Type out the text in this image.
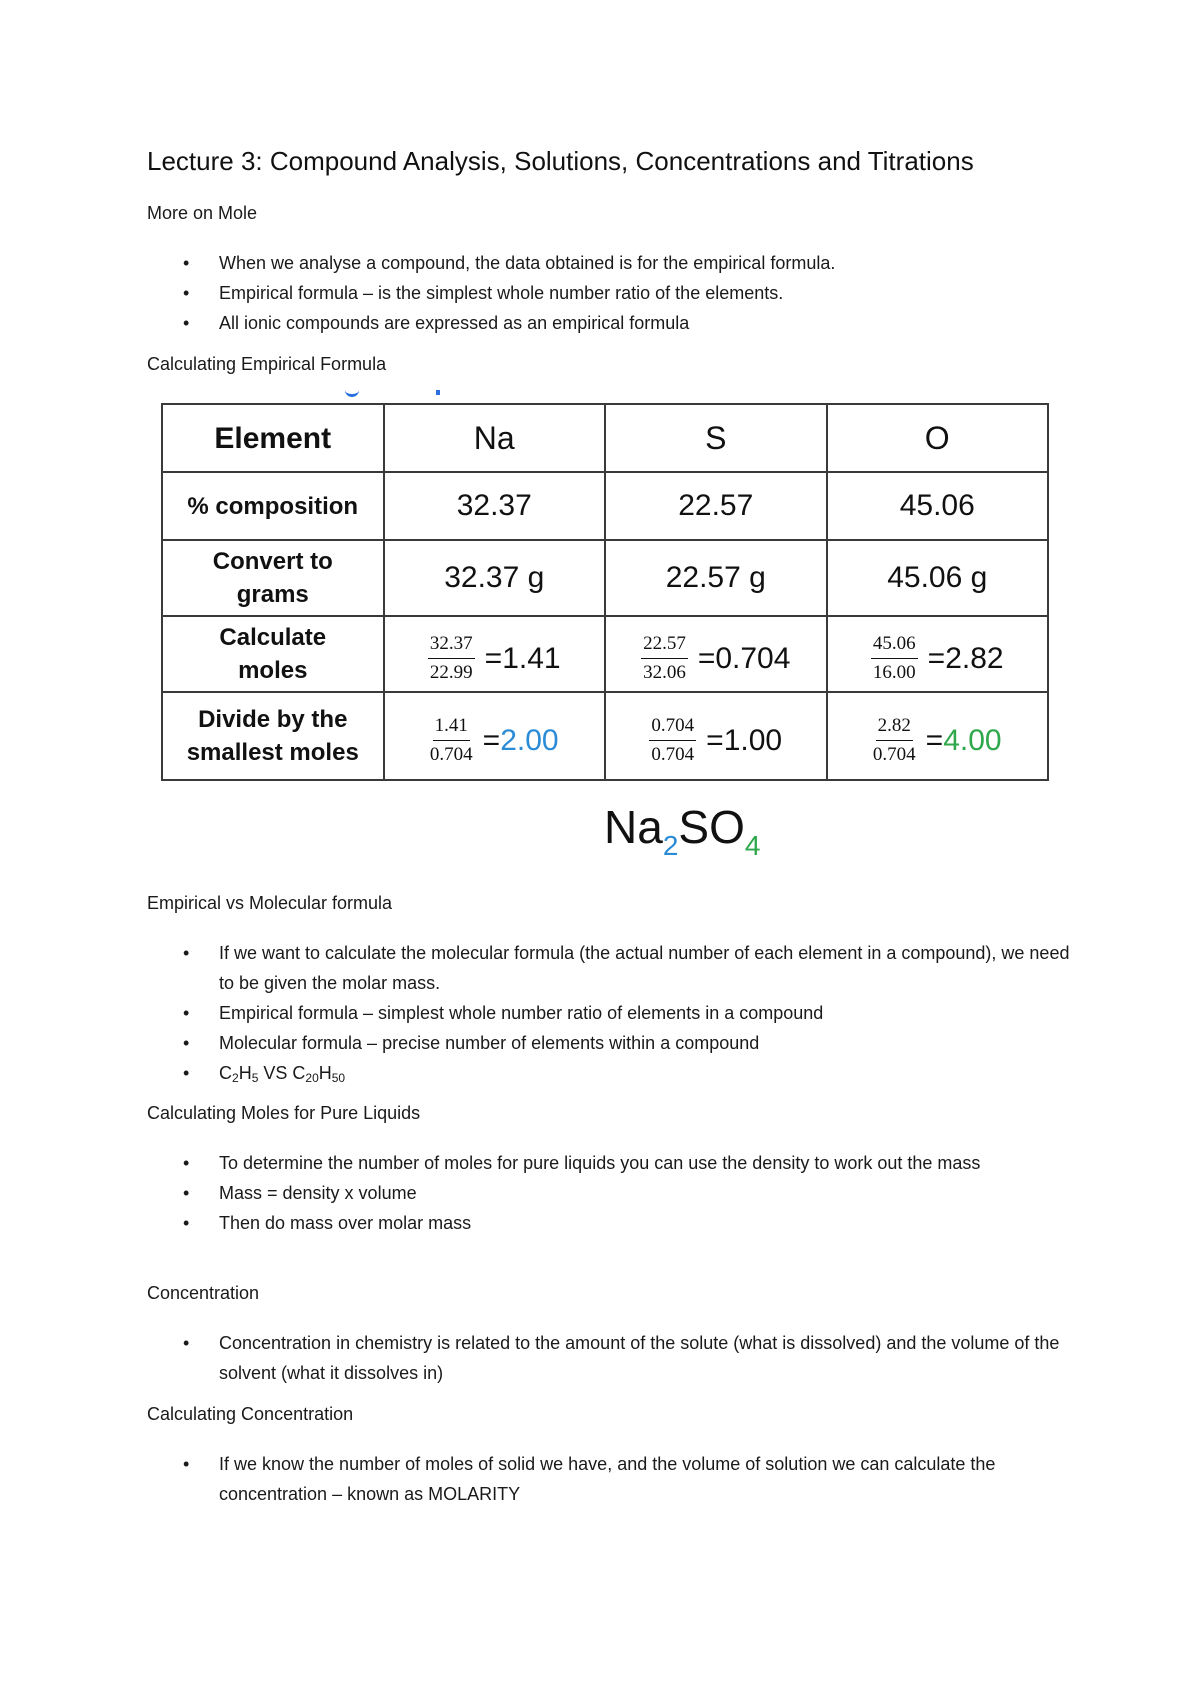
Lecture 3: Compound Analysis, Solutions, Concentrations and Titrations

More on Mole

• When we analyse a compound, the data obtained is for the empirical formula.
• Empirical formula – is the simplest whole number ratio of the elements.
• All ionic compounds are expressed as an empirical formula

Calculating Empirical Formula

Element	Na	S	O
% composition	32.37	22.57	45.06
Convert to grams	32.37 g	22.57 g	45.06 g
Calculate moles	$\frac{32.37}{22.99} = 1.41$	$\frac{22.57}{32.06} = 0.704$	$\frac{45.06}{16.00} = 2.82$

Divide by the smallest moles	$\frac{1.41}{0.704} = 2.00$	$\frac{0.704}{0.704} = 1.00$	$\frac{2.82}{0.704} = 4.00$
$Na_2SO_4$

Empirical vs Molecular formula

• If we want to calculate the molecular formula (the actual number of each element in a compound), we need to be given the molar mass.
• Empirical formula – simplest whole number ratio of elements in a compound
• Molecular formula – precise number of elements within a compound
• $C_2H_5$ VS $C_{20}H_{50}$

Calculating Moles for Pure Liquids

• To determine the number of moles for pure liquids you can use the density to work out the mass
• Mass = density x volume
• Then do mass over molar mass

Concentration

• Concentration in chemistry is related to the amount of the solute (what is dissolved) and the volume of the solvent (what it dissolves in)

Calculating Concentration

• If we know the number of moles of solid we have, and the volume of solution we can calculate the concentration – known as MOLARITY
